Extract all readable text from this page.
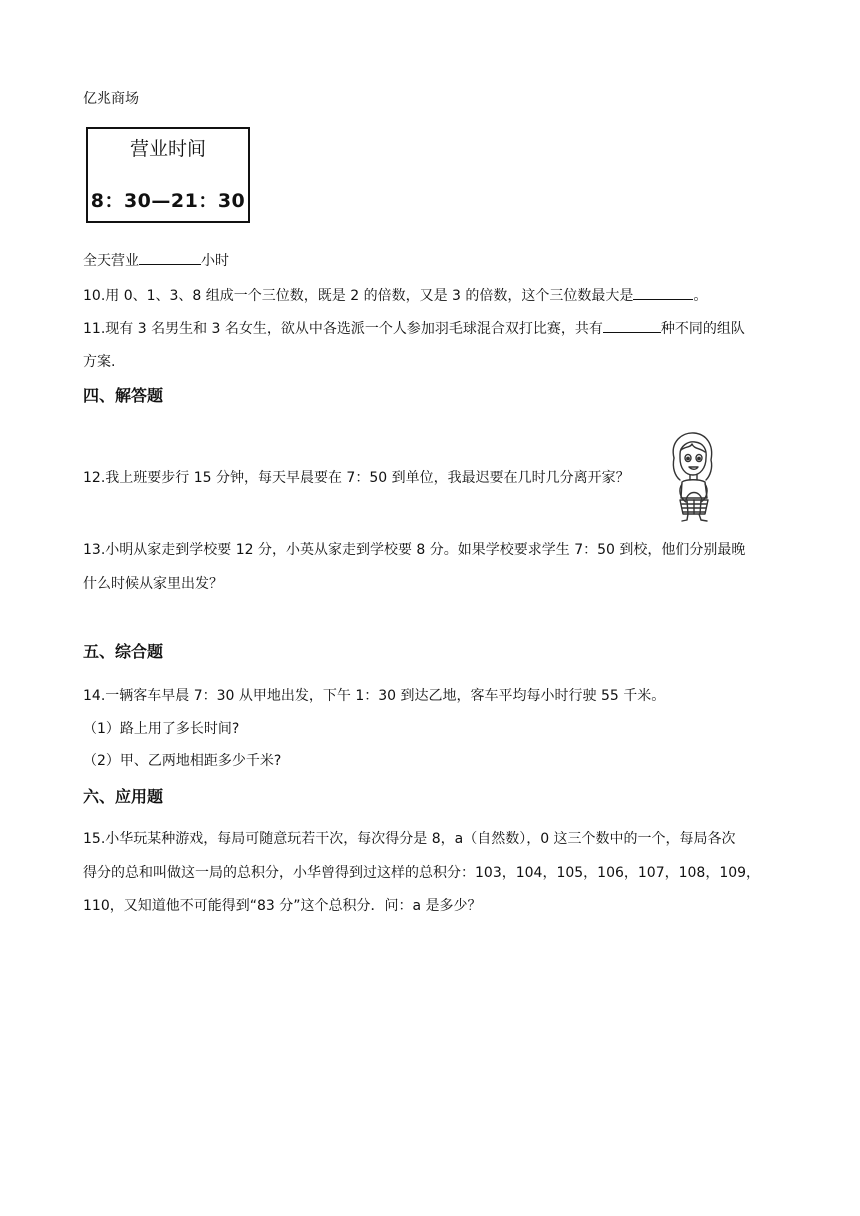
亿兆商场
营业时间
8：30—21：30
全天营业	小时
10.用 0、1、3、8 组成一个三位数，既是 2 的倍数，又是 3 的倍数，这个三位数最大是	。
11.现有 3 名男生和 3 名女生，欲从中各选派一个人参加羽毛球混合双打比赛，共有	种不同的组队
方案.
四、解答题
12.我上班要步行 15 分钟，每天早晨要在 7：50 到单位，我最迟要在几时几分离开家？
13.小明从家走到学校要 12 分，小英从家走到学校要 8 分。如果学校要求学生 7：50 到校，他们分别最晚
什么时候从家里出发？
五、综合题
14.一辆客车早晨 7：30 从甲地出发，下午 1：30 到达乙地，客车平均每小时行驶 55 千米。
（1）路上用了多长时间?
（2）甲、乙两地相距多少千米?
六、应用题
15.小华玩某种游戏，每局可随意玩若干次，每次得分是 8，a（自然数），0 这三个数中的一个，每局各次
得分的总和叫做这一局的总积分，小华曾得到过这样的总积分：103，104，105，106，107，108，109，
110，又知道他不可能得到“83 分”这个总积分．问：a 是多少？
